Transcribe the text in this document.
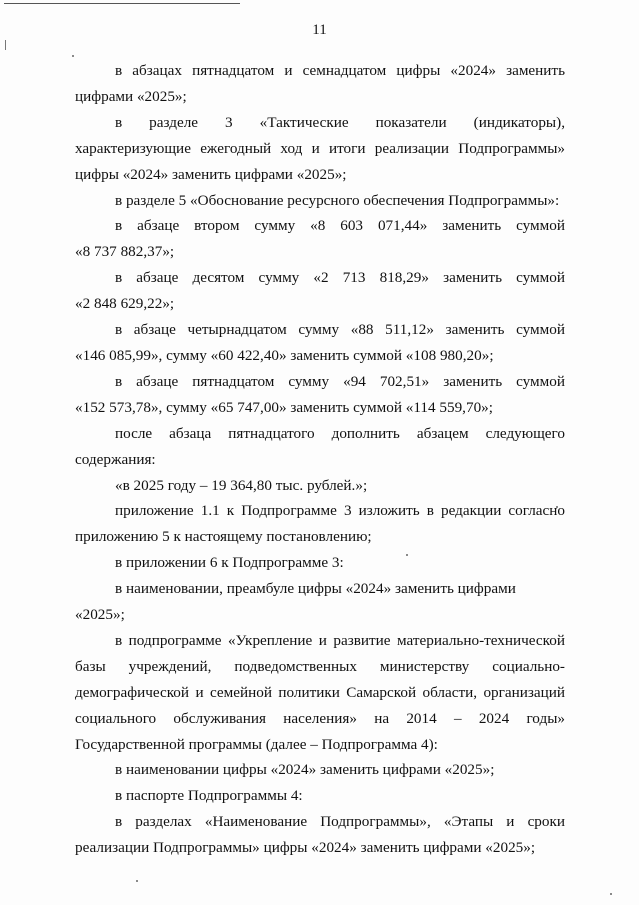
11

в абзацах пятнадцатом и семнадцатом цифры «2024» заменить
цифрами «2025»;

в разделе 3 «Тактические показатели (индикаторы),
характеризующие ежегодный ход и итоги реализации Подпрограммы»
цифры «2024» заменить цифрами «2025»;

в разделе 5 «Обоснование ресурсного обеспечения Подпрограммы»:

в абзаце втором сумму «8 603 071,44» заменить суммой
«8 737 882,37»;

в абзаце десятом сумму «2 713 818,29» заменить суммой
«2 848 629,22»;

в абзаце четырнадцатом сумму «88 511,12» заменить суммой
«146 085,99», сумму «60 422,40» заменить суммой «108 980,20»;

в абзаце пятнадцатом сумму «94 702,51» заменить суммой
«152 573,78», сумму «65 747,00» заменить суммой «114 559,70»;

после абзаца пятнадцатого дополнить абзацем следующего
содержания:

«в 2025 году – 19 364,80 тыс. рублей.»;

приложение 1.1 к Подпрограмме 3 изложить в редакции согласно
приложению 5 к настоящему постановлению;

в приложении 6 к Подпрограмме 3:

в наименовании, преамбуле цифры «2024» заменить цифрами «2025»;

в подпрограмме «Укрепление и развитие материально-технической
базы учреждений, подведомственных министерству социально-
демографической и семейной политики Самарской области, организаций
социального обслуживания населения» на 2014 – 2024 годы»
Государственной программы (далее – Подпрограмма 4):

в наименовании цифры «2024» заменить цифрами «2025»;

в паспорте Подпрограммы 4:

в разделах «Наименование Подпрограммы», «Этапы и сроки
реализации Подпрограммы» цифры «2024» заменить цифрами «2025»;
